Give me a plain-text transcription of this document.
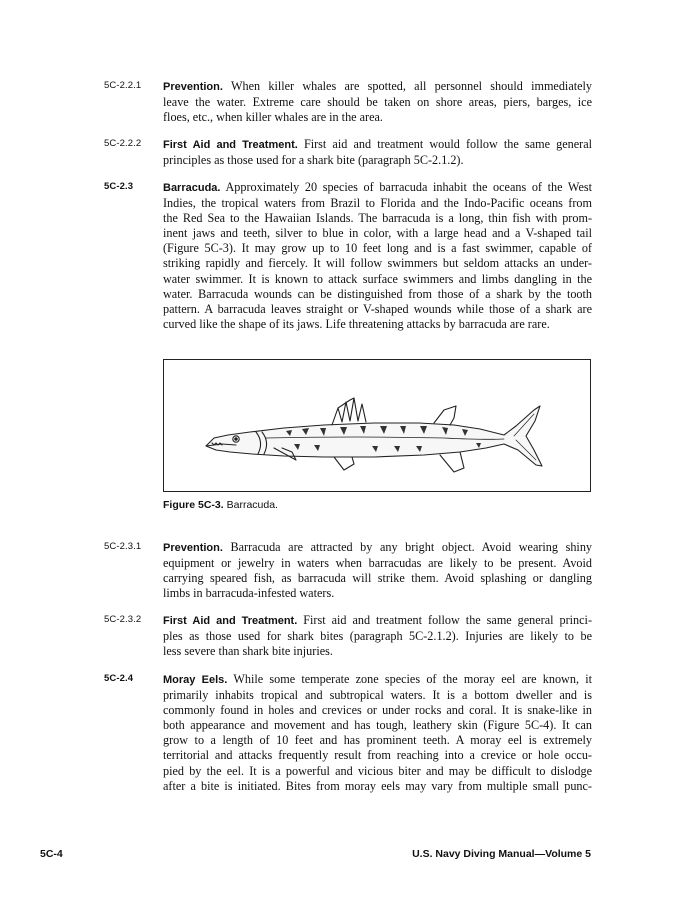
5C-2.2.1	Prevention. When killer whales are spotted, all personnel should immediately
leave the water. Extreme care should be taken on shore areas, piers, barges, ice
floes, etc., when killer whales are in the area.
5C-2.2.2	First Aid and Treatment. First aid and treatment would follow the same general
principles as those used for a shark bite (paragraph 5C-2.1.2).
5C-2.3	Barracuda. Approximately 20 species of barracuda inhabit the oceans of the West
Indies, the tropical waters from Brazil to Florida and the Indo-Pacific oceans from
the Red Sea to the Hawaiian Islands. The barracuda is a long, thin fish with prom-
inent jaws and teeth, silver to blue in color, with a large head and a V-shaped tail
(Figure 5C-3). It may grow up to 10 feet long and is a fast swimmer, capable of
striking rapidly and fiercely. It will follow swimmers but seldom attacks an under-
water swimmer. It is known to attack surface swimmers and limbs dangling in the
water. Barracuda wounds can be distinguished from those of a shark by the tooth
pattern. A barracuda leaves straight or V-shaped wounds while those of a shark are
curved like the shape of its jaws. Life threatening attacks by barracuda are rare.
Figure 5C-3. Barracuda.
5C-2.3.1	Prevention. Barracuda are attracted by any bright object. Avoid wearing shiny
equipment or jewelry in waters when barracudas are likely to be present. Avoid
carrying speared fish, as barracuda will strike them. Avoid splashing or dangling
limbs in barracuda-infested waters.
5C-2.3.2	First Aid and Treatment. First aid and treatment follow the same general princi-
ples as those used for shark bites (paragraph 5C-2.1.2). Injuries are likely to be
less severe than shark bite injuries.
5C-2.4	Moray Eels. While some temperate zone species of the moray eel are known, it
primarily inhabits tropical and subtropical waters. It is a bottom dweller and is
commonly found in holes and crevices or under rocks and coral. It is snake-like in
both appearance and movement and has tough, leathery skin (Figure 5C-4). It can
grow to a length of 10 feet and has prominent teeth. A moray eel is extremely
territorial and attacks frequently result from reaching into a crevice or hole occu-
pied by the eel. It is a powerful and vicious biter and may be difficult to dislodge
after a bite is initiated. Bites from moray eels may vary from multiple small punc-
5C-4	U.S. Navy Diving Manual—Volume 5
